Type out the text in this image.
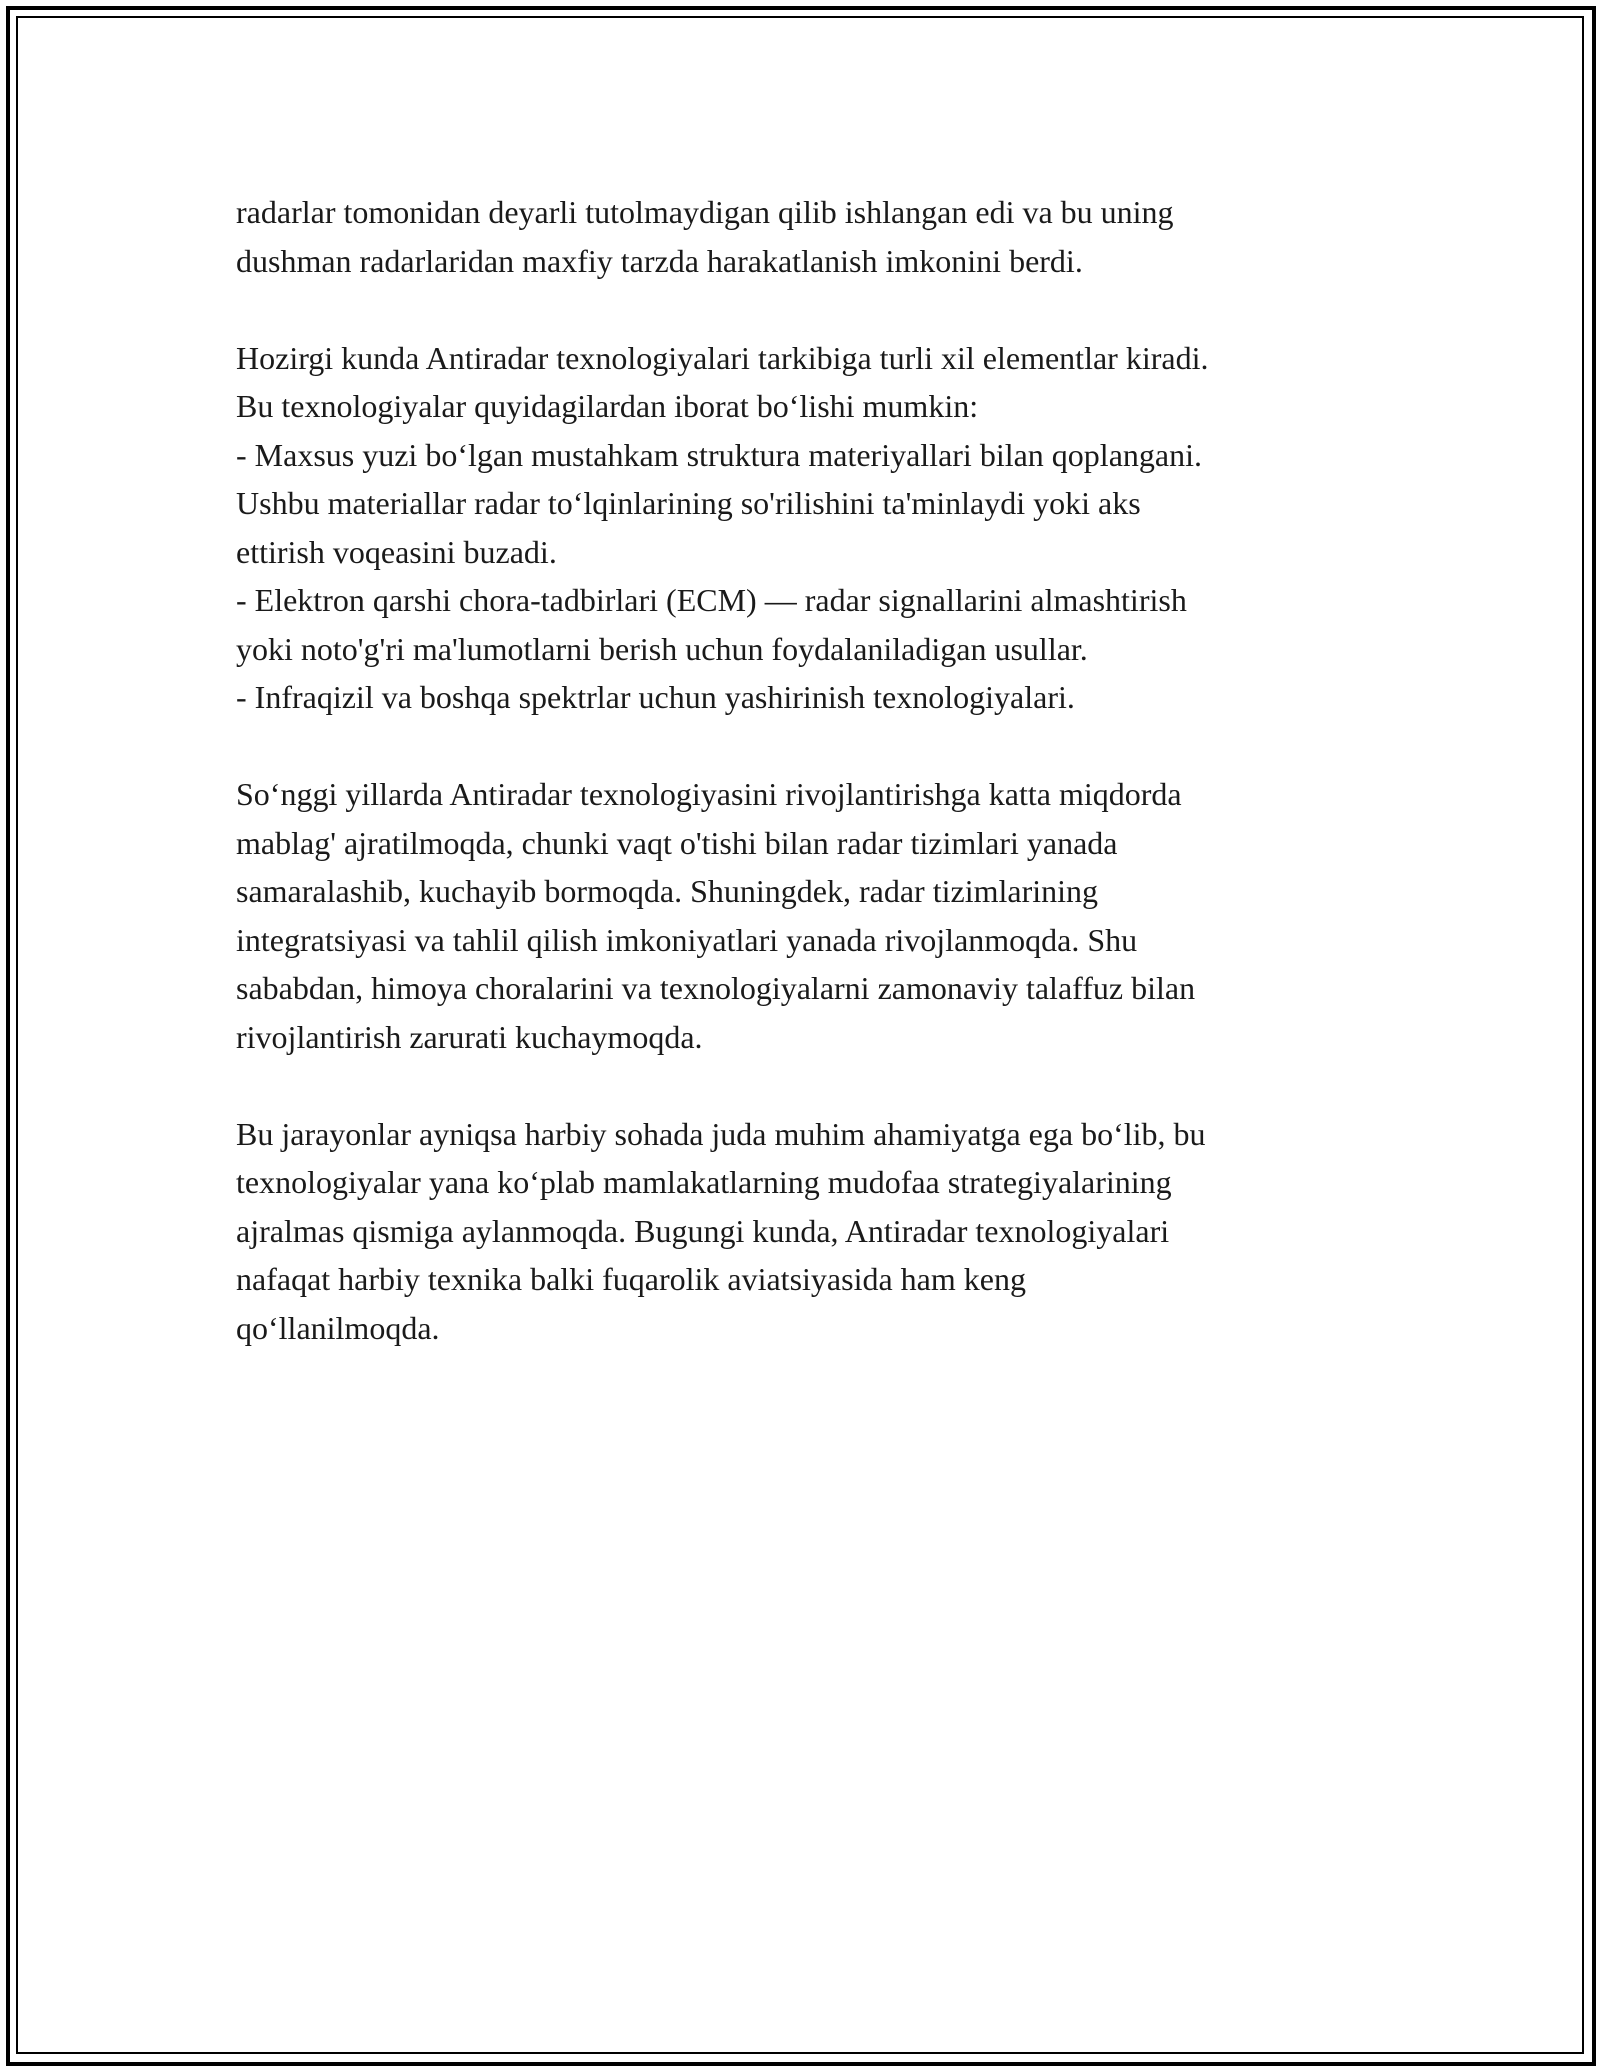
radarlar tomonidan deyarli tutolmaydigan qilib ishlangan edi va bu uning
dushman radarlaridan maxfiy tarzda harakatlanish imkonini berdi.

Hozirgi kunda Antiradar texnologiyalari tarkibiga turli xil elementlar kiradi.
Bu texnologiyalar quyidagilardan iborat bo‘lishi mumkin:
- Maxsus yuzi bo‘lgan mustahkam struktura materiyallari bilan qoplangani.
Ushbu materiallar radar to‘lqinlarining so'rilishini ta'minlaydi yoki aks
ettirish voqeasini buzadi.
- Elektron qarshi chora-tadbirlari (ECM) — radar signallarini almashtirish
yoki noto'g'ri ma'lumotlarni berish uchun foydalaniladigan usullar.
- Infraqizil va boshqa spektrlar uchun yashirinish texnologiyalari.

So‘nggi yillarda Antiradar texnologiyasini rivojlantirishga katta miqdorda
mablag' ajratilmoqda, chunki vaqt o'tishi bilan radar tizimlari yanada
samaralashib, kuchayib bormoqda. Shuningdek, radar tizimlarining
integratsiyasi va tahlil qilish imkoniyatlari yanada rivojlanmoqda. Shu
sababdan, himoya choralarini va texnologiyalarni zamonaviy talaffuz bilan
rivojlantirish zarurati kuchaymoqda.

Bu jarayonlar ayniqsa harbiy sohada juda muhim ahamiyatga ega bo‘lib, bu
texnologiyalar yana ko‘plab mamlakatlarning mudofaa strategiyalarining
ajralmas qismiga aylanmoqda. Bugungi kunda, Antiradar texnologiyalari
nafaqat harbiy texnika balki fuqarolik aviatsiyasida ham keng
qo‘llanilmoqda.
